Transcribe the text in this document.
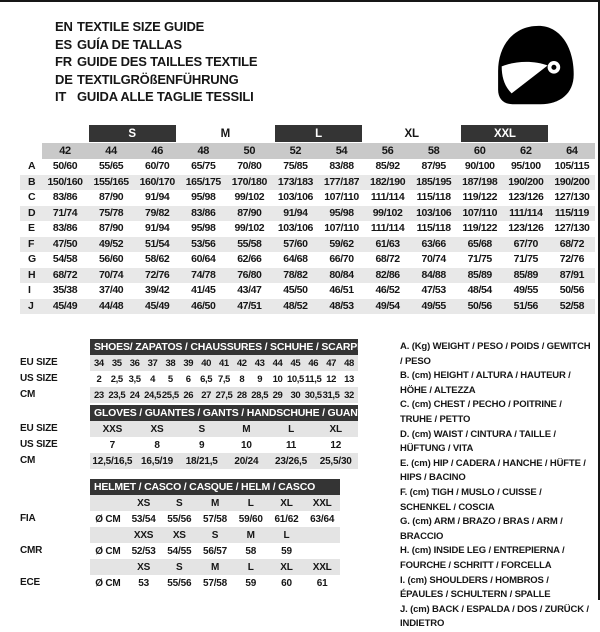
EN TEXTILE SIZE GUIDE
ES GUÍA DE TALLAS
FR GUIDE DES TAILLES TEXTILE
DE TEXTILGRÖßENFÜHRUNG
IT GUIDA ALLE TAGLIE TESSILI
S	M	L	XL	XXL
42	44	46	48	50	52	54	56	58	60	62	64
A	50/60	55/65	60/70	65/75	70/80	75/85	83/88	85/92	87/95	90/100	95/100	105/115
B	150/160	155/165	160/170	165/175	170/180	173/183	177/187	182/190	185/195	187/198	190/200	190/200
C	83/86	87/90	91/94	95/98	99/102	103/106	107/110	111/114	115/118	119/122	123/126	127/130
D	71/74	75/78	79/82	83/86	87/90	91/94	95/98	99/102	103/106	107/110	111/114	115/119
E	83/86	87/90	91/94	95/98	99/102	103/106	107/110	111/114	115/118	119/122	123/126	127/130
F	47/50	49/52	51/54	53/56	55/58	57/60	59/62	61/63	63/66	65/68	67/70	68/72
G	54/58	56/60	58/62	60/64	62/66	64/68	66/70	68/72	70/74	71/75	71/75	72/76
H	68/72	70/74	72/76	74/78	76/80	78/82	80/84	82/86	84/88	85/89	85/89	87/91
I	35/38	37/40	39/42	41/45	43/47	45/50	46/51	46/52	47/53	48/54	49/55	50/56
J	45/49	44/48	45/49	46/50	47/51	48/52	48/53	49/54	49/55	50/56	51/56	52/58
SHOES/ ZAPATOS / CHAUSSURES / SCHUHE / SCARPE
EU SIZE	34 35 36 37 38 39 40 41 42 43 44 45 46 47 48
US SIZE	2 2,5 3,5 4	5	6 6,5 7,5 8	9	10 10,5 11,5 12 13
CM	23 23,5 24 24,5 25,5 26 27 27,5 28 28,5 29 30 30,5 31,5 32
GLOVES / GUANTES / GANTS / HANDSCHUHE / GUANTI
EU SIZE	XXS	XS	S	M	L	XL
US SIZE	7	8	9	10	11	12
CM	12,5/16,5 16,5/19	18/21,5	20/24	23/26,5	25,5/30
HELMET / CASCO / CASQUE / HELM / CASCO
XS	S	M	L	XL	XXL
FIA	Ø CM	53/54	55/56	57/58	59/60	61/62	63/64
XXS	XS	S	M	L
CMR	Ø CM	52/53	54/55	56/57	58	59
XS	S	M	L	XL	XXL
ECE	Ø CM	53	55/56	57/58	59	60	61
A. (Kg) WEIGHT / PESO / POIDS / GEWITCH / PESO
B. (cm) HEIGHT / ALTURA / HAUTEUR / HÖHE / ALTEZZA
C. (cm) CHEST / PECHO / POITRINE / TRUHE / PETTO
D. (cm) WAIST / CINTURA / TAILLE / HÜFTUNG / VITA
E. (cm) HIP / CADERA / HANCHE / HÜFTE / HIPS / BACINO
F. (cm) TIGH / MUSLO / CUISSE / SCHENKEL / COSCIA
G. (cm) ARM / BRAZO / BRAS / ARM / BRACCIO
H. (cm) INSIDE LEG / ENTREPIERNA / FOURCHE / SCHRITT / FORCELLA
I. (cm) SHOULDERS / HOMBROS / ÉPAULES / SCHULTERN / SPALLE
J. (cm) BACK / ESPALDA / DOS / ZURÜCK / INDIETRO
